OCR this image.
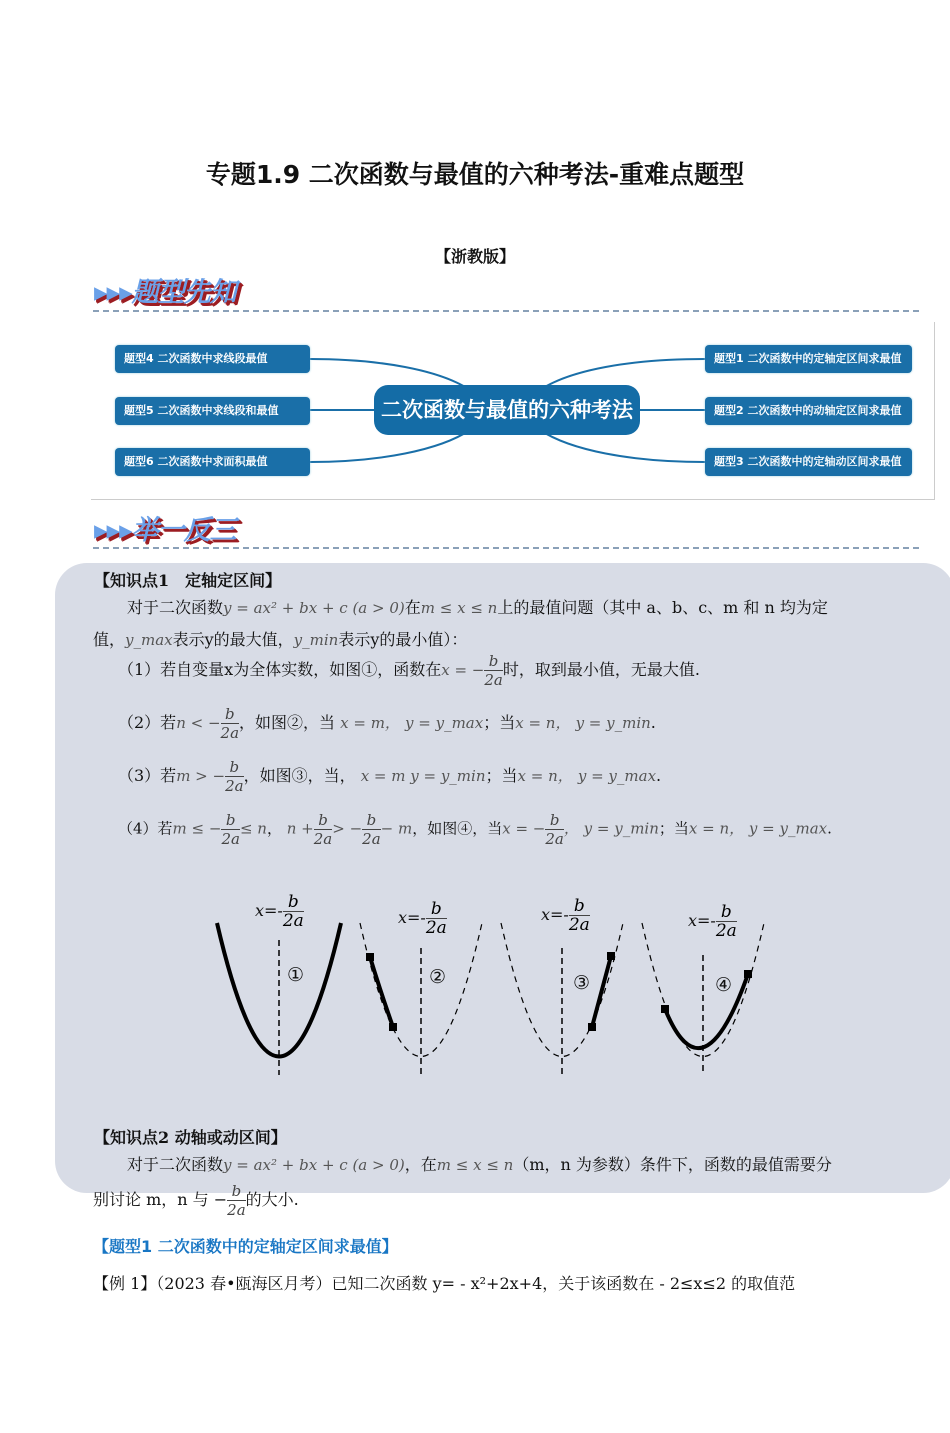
专题1.9 二次函数与最值的六种考法-重难点题型
【浙教版】
▸▸▸题型先知
题型4 二次函数中求线段最值
题型5 二次函数中求线段和最值
题型6 二次函数中求面积最值
题型1 二次函数中的定轴定区间求最值
题型2 二次函数中的动轴定区间求最值
题型3 二次函数中的定轴动区间求最值
二次函数与最值的六种考法
▸▸▸举一反三
【知识点1　定轴定区间】
对于二次函数y = ax² + bx + c (a > 0)在m ≤ x ≤ n上的最值问题（其中 a、b、c、m 和 n 均为定
值，y_max表示y的最大值，y_min表示y的最小值）：
（1）若自变量x为全体实数，如图①，函数在x = − $\frac{b}{2a}$ 时，取到最小值，无最大值.
（2）若n < − $\frac{b}{2a}$ ，如图②，当 x = m， y = y_max；当x = n， y = y_min.
（3）若m > − $\frac{b}{2a}$ ，如图③，当， x = m y = y_min；当x = n， y = y_max.
（4）若m ≤ − $\frac{b}{2a} \le n$， $n + \frac{b}{2a}$ > − $\frac{b}{2a} - m$，如图④，当x = − $\frac{b}{2a}$ ， y = y_min；当x = n， y = y_max.
$x=- \frac{b}{2a}$	$x=- \frac{b}{2a}$	$x=- \frac{b}{2a}$	$x=- \frac{b}{2a}$
①	②	③	④
【知识点2 动轴或动区间】
对于二次函数y = ax² + bx + c (a > 0)，在m ≤ x ≤ n（m，n 为参数）条件下，函数的最值需要分
别讨论 m，n 与 − $\frac{b}{2a}$ 的大小.
【题型1 二次函数中的定轴定区间求最值】
【例 1】（2023 春•瓯海区月考）已知二次函数 y= - x²+2x+4，关于该函数在 - 2≤x≤2 的取值范
